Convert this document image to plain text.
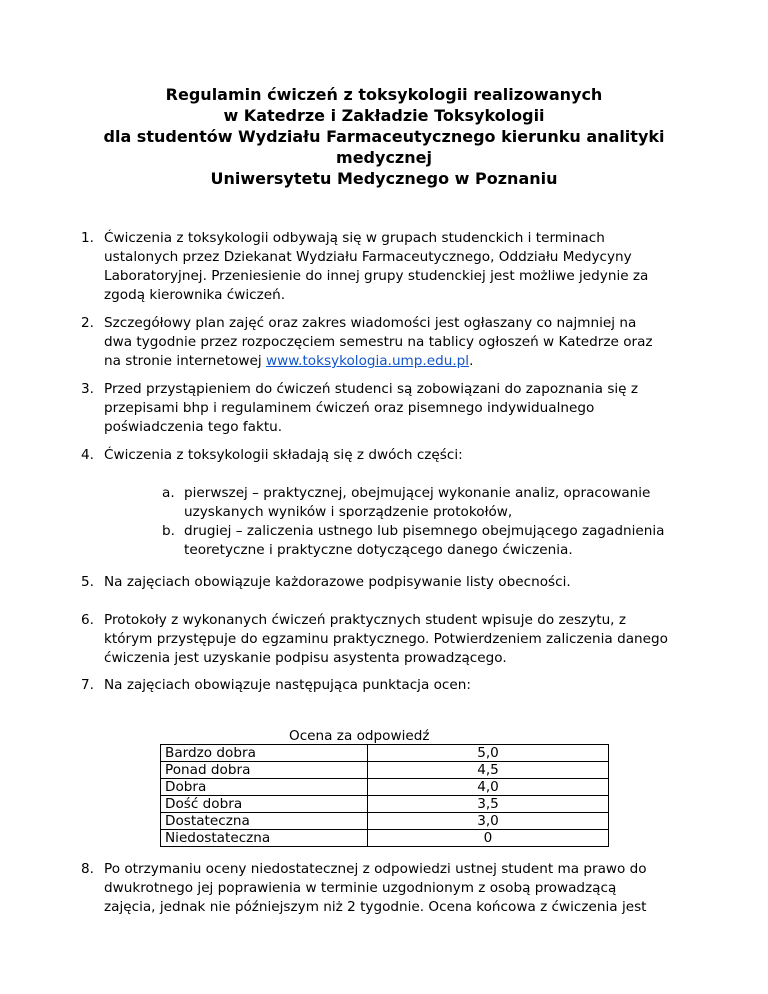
Regulamin ćwiczeń z toksykologii realizowanych
w Katedrze i Zakładzie Toksykologii
dla studentów Wydziału Farmaceutycznego kierunku analityki
medycznej
Uniwersytetu Medycznego w Poznaniu
1. Ćwiczenia z toksykologii odbywają się w grupach studenckich i terminach
ustalonych przez Dziekanat Wydziału Farmaceutycznego, Oddziału Medycyny
Laboratoryjnej. Przeniesienie do innej grupy studenckiej jest możliwe jedynie za
zgodą kierownika ćwiczeń.
2. Szczegółowy plan zajęć oraz zakres wiadomości jest ogłaszany co najmniej na
dwa tygodnie przez rozpoczęciem semestru na tablicy ogłoszeń w Katedrze oraz
na stronie internetowej www.toksykologia.ump.edu.pl.
3. Przed przystąpieniem do ćwiczeń studenci są zobowiązani do zapoznania się z
przepisami bhp i regulaminem ćwiczeń oraz pisemnego indywidualnego
poświadczenia tego faktu.
4. Ćwiczenia z toksykologii składają się z dwóch części:
a. pierwszej – praktycznej, obejmującej wykonanie analiz, opracowanie
uzyskanych wyników i sporządzenie protokołów,
b. drugiej – zaliczenia ustnego lub pisemnego obejmującego zagadnienia
teoretyczne i praktyczne dotyczącego danego ćwiczenia.
5. Na zajęciach obowiązuje każdorazowe podpisywanie listy obecności.
6. Protokoły z wykonanych ćwiczeń praktycznych student wpisuje do zeszytu, z
którym przystępuje do egzaminu praktycznego. Potwierdzeniem zaliczenia danego
ćwiczenia jest uzyskanie podpisu asystenta prowadzącego.
7. Na zajęciach obowiązuje następująca punktacja ocen:
Ocena za odpowiedź
Bardzo dobra	5,0
Ponad dobra	4,5
Dobra	4,0
Dość dobra	3,5
Dostateczna	3,0
Niedostateczna	0
8. Po otrzymaniu oceny niedostatecznej z odpowiedzi ustnej student ma prawo do
dwukrotnego jej poprawienia w terminie uzgodnionym z osobą prowadzącą
zajęcia, jednak nie późniejszym niż 2 tygodnie. Ocena końcowa z ćwiczenia jest
